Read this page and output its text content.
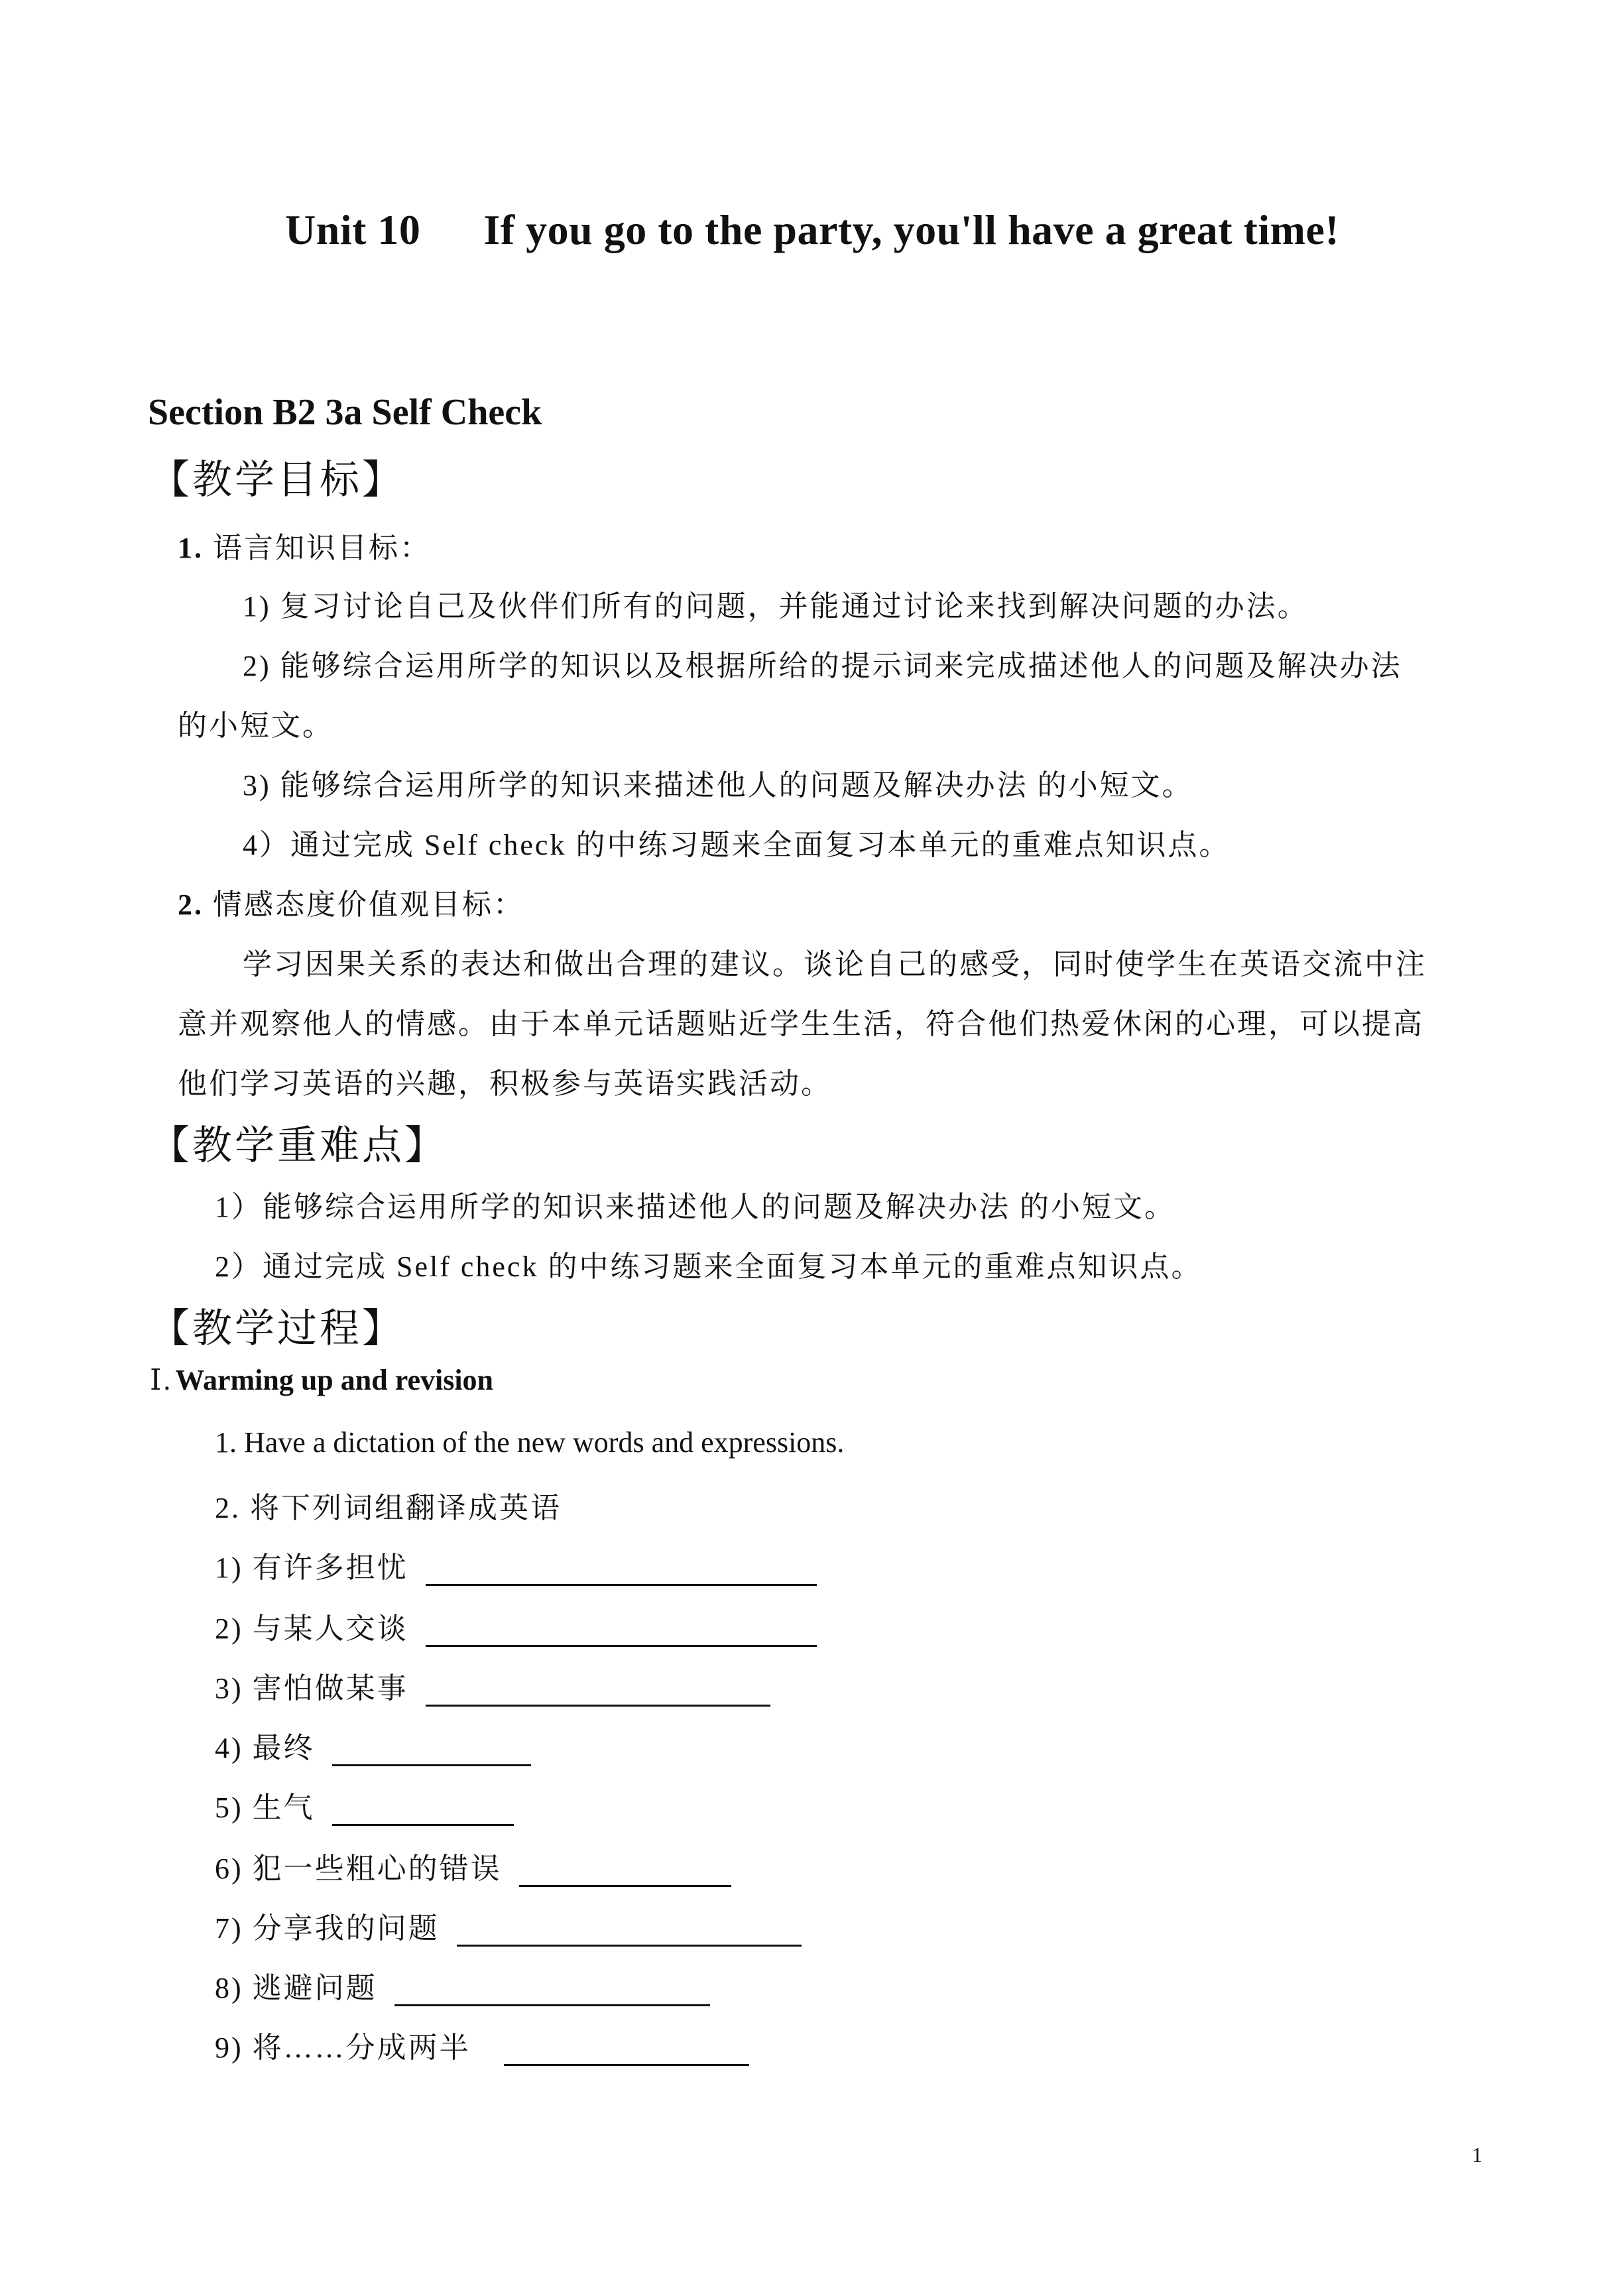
Unit 10 If you go to the party, you'll have a great time!
Section B2 3a Self Check
【教学目标】
1. 语言知识目标：
1) 复习讨论自己及伙伴们所有的问题，并能通过讨论来找到解决问题的办法。
2) 能够综合运用所学的知识以及根据所给的提示词来完成描述他人的问题及解决办法
的小短文。
3) 能够综合运用所学的知识来描述他人的问题及解决办法 的小短文。
4）通过完成 Self check 的中练习题来全面复习本单元的重难点知识点。
2. 情感态度价值观目标：
学习因果关系的表达和做出合理的建议。谈论自己的感受，同时使学生在英语交流中注
意并观察他人的情感。由于本单元话题贴近学生生活，符合他们热爱休闲的心理，可以提高
他们学习英语的兴趣，积极参与英语实践活动。
【教学重难点】
1）能够综合运用所学的知识来描述他人的问题及解决办法 的小短文。
2）通过完成 Self check 的中练习题来全面复习本单元的重难点知识点。
【教学过程】
Ⅰ. Warming up and revision
1. Have a dictation of the new words and expressions.
2. 将下列词组翻译成英语
1) 有许多担忧
2) 与某人交谈
3) 害怕做某事
4) 最终
5) 生气
6) 犯一些粗心的错误
7) 分享我的问题
8) 逃避问题
9) 将……分成两半
1
